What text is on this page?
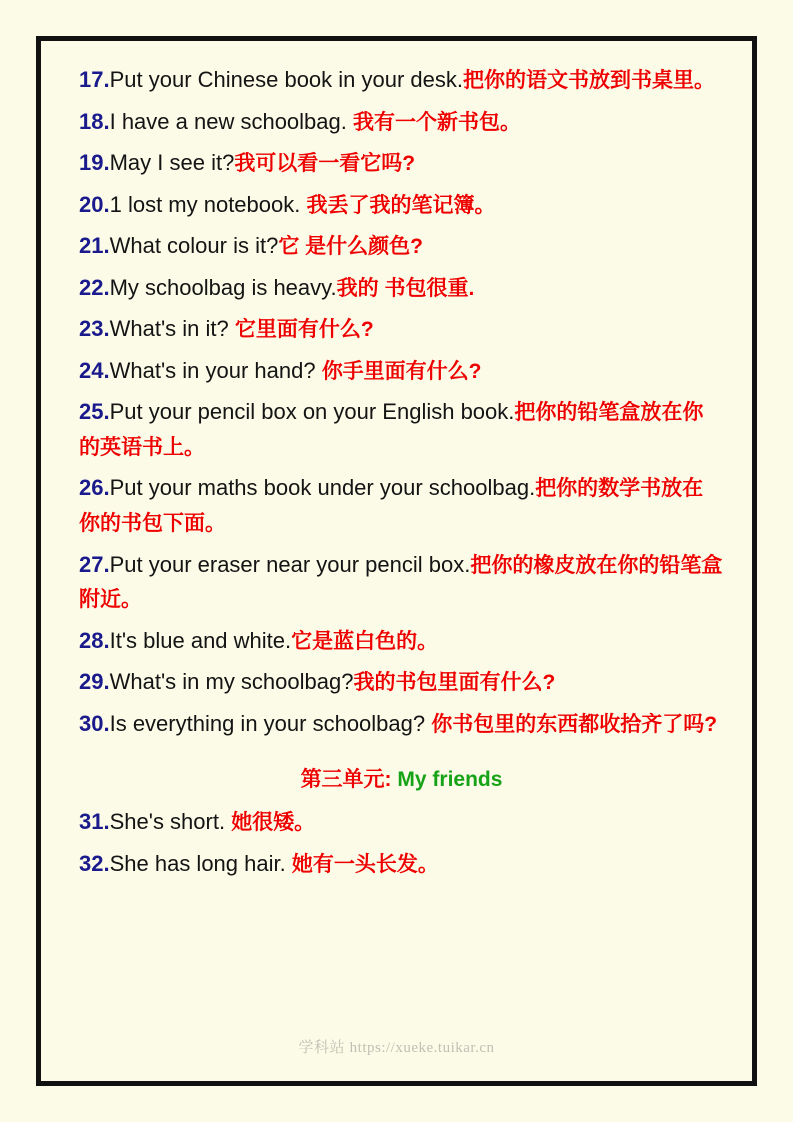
17.Put your Chinese book in your desk.把你的语文书放到书桌里。

18.I have a new schoolbag. 我有一个新书包。

19.May I see it?我可以看一看它吗?

20.1 lost my notebook. 我丢了我的笔记簿。

21.What colour is it?它 是什么颜色?

22.My schoolbag is heavy.我的 书包很重.

23.What's in it? 它里面有什么?

24.What's in your hand? 你手里面有什么?

25.Put your pencil box on your English book.把你的铅笔盒放在你的英语书上。

26.Put your maths book under your schoolbag.把你的数学书放在你的书包下面。

27.Put your eraser near your pencil box.把你的橡皮放在你的铅笔盒附近。

28.It's blue and white.它是蓝白色的。

29.What's in my schoolbag?我的书包里面有什么?

30.Is everything in your schoolbag? 你书包里的东西都收拾齐了吗?

第三单元: My friends

31.She's short. 她很矮。

32.She has long hair. 她有一头长发。

学科站 https://xueke.tuikar.cn
